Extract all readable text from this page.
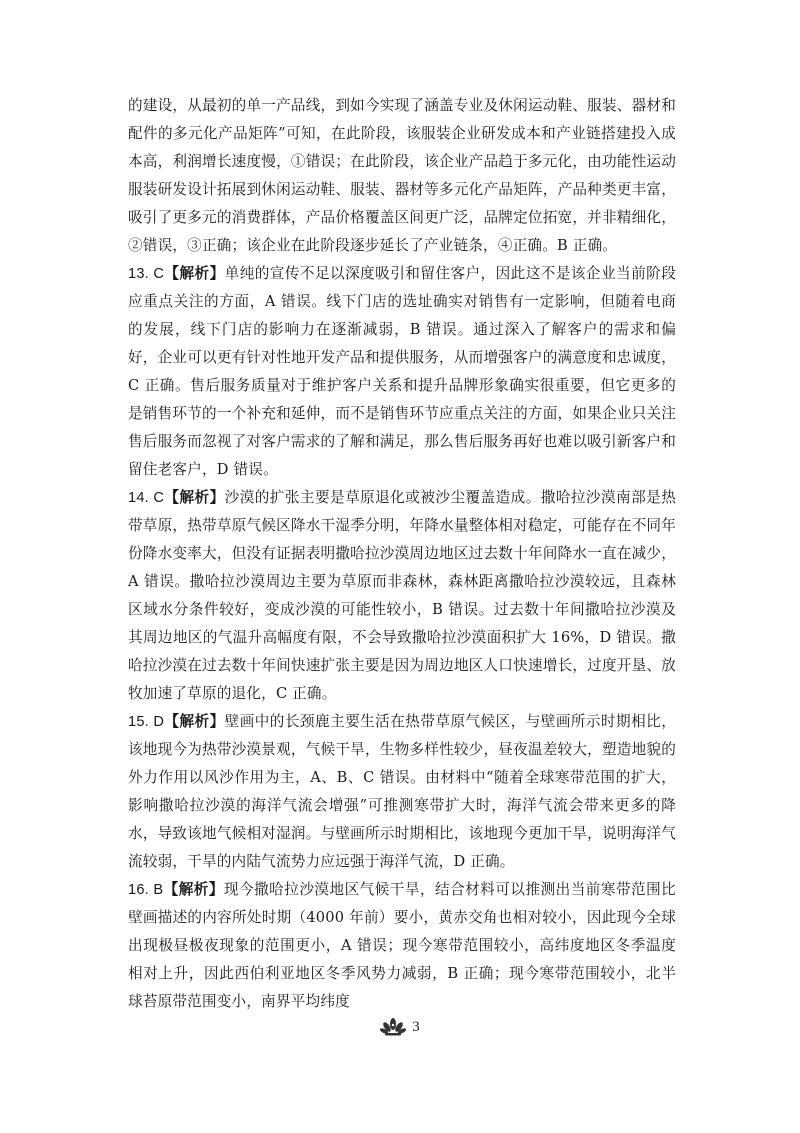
的建设，从最初的单一产品线，到如今实现了涵盖专业及休闲运动鞋、服装、器材和配件的多元化产品矩阵”可知，在此阶段，该服装企业研发成本和产业链搭建投入成本高，利润增长速度慢，①错误；在此阶段，该企业产品趋于多元化，由功能性运动服装研发设计拓展到休闲运动鞋、服装、器材等多元化产品矩阵，产品种类更丰富，吸引了更多元的消费群体，产品价格覆盖区间更广泛，品牌定位拓宽，并非精细化，②错误，③正确；该企业在此阶段逐步延长了产业链条，④正确。B 正确。

13. C【解析】单纯的宣传不足以深度吸引和留住客户，因此这不是该企业当前阶段应重点关注的方面，A 错误。线下门店的选址确实对销售有一定影响，但随着电商的发展，线下门店的影响力在逐渐减弱，B 错误。通过深入了解客户的需求和偏好，企业可以更有针对性地开发产品和提供服务，从而增强客户的满意度和忠诚度，C 正确。售后服务质量对于维护客户关系和提升品牌形象确实很重要，但它更多的是销售环节的一个补充和延伸，而不是销售环节应重点关注的方面，如果企业只关注售后服务而忽视了对客户需求的了解和满足，那么售后服务再好也难以吸引新客户和留住老客户，D 错误。

14. C【解析】沙漠的扩张主要是草原退化或被沙尘覆盖造成。撒哈拉沙漠南部是热带草原，热带草原气候区降水干湿季分明，年降水量整体相对稳定，可能存在不同年份降水变率大，但没有证据表明撒哈拉沙漠周边地区过去数十年间降水一直在减少，A 错误。撒哈拉沙漠周边主要为草原而非森林，森林距离撒哈拉沙漠较远，且森林区域水分条件较好，变成沙漠的可能性较小，B 错误。过去数十年间撒哈拉沙漠及其周边地区的气温升高幅度有限，不会导致撒哈拉沙漠面积扩大 16%，D 错误。撒哈拉沙漠在过去数十年间快速扩张主要是因为周边地区人口快速增长，过度开垦、放牧加速了草原的退化，C 正确。

15. D【解析】壁画中的长颈鹿主要生活在热带草原气候区，与壁画所示时期相比，该地现今为热带沙漠景观，气候干旱，生物多样性较少，昼夜温差较大，塑造地貌的外力作用以风沙作用为主，A、B、C 错误。由材料中“随着全球寒带范围的扩大，影响撒哈拉沙漠的海洋气流会增强”可推测寒带扩大时，海洋气流会带来更多的降水，导致该地气候相对湿润。与壁画所示时期相比，该地现今更加干旱，说明海洋气流较弱，干旱的内陆气流势力应远强于海洋气流，D 正确。

16. B【解析】现今撒哈拉沙漠地区气候干旱，结合材料可以推测出当前寒带范围比壁画描述的内容所处时期（4000 年前）要小，黄赤交角也相对较小，因此现今全球出现极昼极夜现象的范围更小，A 错误；现今寒带范围较小，高纬度地区冬季温度相对上升，因此西伯利亚地区冬季风势力减弱，B 正确；现今寒带范围较小，北半球苔原带范围变小，南界平均纬度

3
